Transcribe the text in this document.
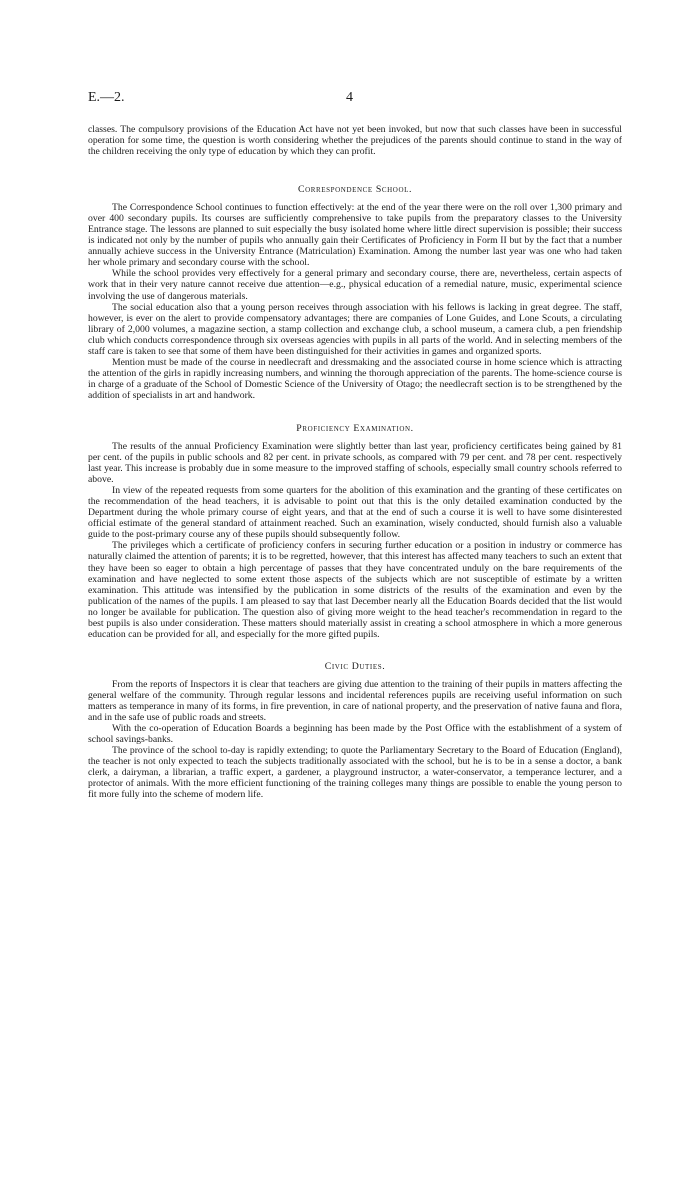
E.—2.	4

classes. The compulsory provisions of the Education Act have not yet been invoked, but now that such classes have been in successful operation for some time, the question is worth considering whether the prejudices of the parents should continue to stand in the way of the children receiving the only type of education by which they can profit.

Correspondence School.

The Correspondence School continues to function effectively: at the end of the year there were on the roll over 1,300 primary and over 400 secondary pupils. Its courses are sufficiently comprehensive to take pupils from the preparatory classes to the University Entrance stage. The lessons are planned to suit especially the busy isolated home where little direct supervision is possible; their success is indicated not only by the number of pupils who annually gain their Certificates of Proficiency in Form II but by the fact that a number annually achieve success in the University Entrance (Matriculation) Examination. Among the number last year was one who had taken her whole primary and secondary course with the school.

While the school provides very effectively for a general primary and secondary course, there are, nevertheless, certain aspects of work that in their very nature cannot receive due attention—e.g., physical education of a remedial nature, music, experimental science involving the use of dangerous materials.

The social education also that a young person receives through association with his fellows is lacking in great degree. The staff, however, is ever on the alert to provide compensatory advantages; there are companies of Lone Guides, and Lone Scouts, a circulating library of 2,000 volumes, a magazine section, a stamp collection and exchange club, a school museum, a camera club, a pen friendship club which conducts correspondence through six overseas agencies with pupils in all parts of the world. And in selecting members of the staff care is taken to see that some of them have been distinguished for their activities in games and organized sports.

Mention must be made of the course in needlecraft and dressmaking and the associated course in home science which is attracting the attention of the girls in rapidly increasing numbers, and winning the thorough appreciation of the parents. The home-science course is in charge of a graduate of the School of Domestic Science of the University of Otago; the needlecraft section is to be strengthened by the addition of specialists in art and handwork.

Proficiency Examination.

The results of the annual Proficiency Examination were slightly better than last year, proficiency certificates being gained by 81 per cent. of the pupils in public schools and 82 per cent. in private schools, as compared with 79 per cent. and 78 per cent. respectively last year. This increase is probably due in some measure to the improved staffing of schools, especially small country schools referred to above.

In view of the repeated requests from some quarters for the abolition of this examination and the granting of these certificates on the recommendation of the head teachers, it is advisable to point out that this is the only detailed examination conducted by the Department during the whole primary course of eight years, and that at the end of such a course it is well to have some disinterested official estimate of the general standard of attainment reached. Such an examination, wisely conducted, should furnish also a valuable guide to the post-primary course any of these pupils should subsequently follow.

The privileges which a certificate of proficiency confers in securing further education or a position in industry or commerce has naturally claimed the attention of parents; it is to be regretted, however, that this interest has affected many teachers to such an extent that they have been so eager to obtain a high percentage of passes that they have concentrated unduly on the bare requirements of the examination and have neglected to some extent those aspects of the subjects which are not susceptible of estimate by a written examination. This attitude was intensified by the publication in some districts of the results of the examination and even by the publication of the names of the pupils. I am pleased to say that last December nearly all the Education Boards decided that the list would no longer be available for publication. The question also of giving more weight to the head teacher's recommendation in regard to the best pupils is also under consideration. These matters should materially assist in creating a school atmosphere in which a more generous education can be provided for all, and especially for the more gifted pupils.

Civic Duties.

From the reports of Inspectors it is clear that teachers are giving due attention to the training of their pupils in matters affecting the general welfare of the community. Through regular lessons and incidental references pupils are receiving useful information on such matters as temperance in many of its forms, in fire prevention, in care of national property, and the preservation of native fauna and flora, and in the safe use of public roads and streets.

With the co-operation of Education Boards a beginning has been made by the Post Office with the establishment of a system of school savings-banks.

The province of the school to-day is rapidly extending; to quote the Parliamentary Secretary to the Board of Education (England), the teacher is not only expected to teach the subjects traditionally associated with the school, but he is to be in a sense a doctor, a bank clerk, a dairyman, a librarian, a traffic expert, a gardener, a playground instructor, a water-conservator, a temperance lecturer, and a protector of animals. With the more efficient functioning of the training colleges many things are possible to enable the young person to fit more fully into the scheme of modern life.
